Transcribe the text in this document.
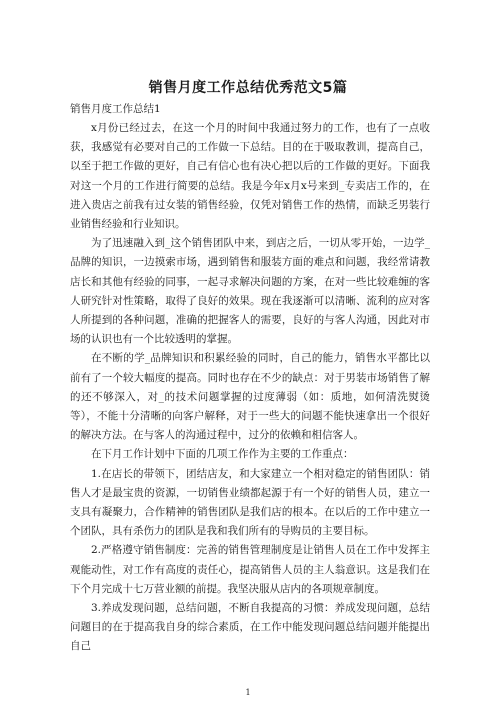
销售月度工作总结优秀范文5篇
销售月度工作总结1

x月份已经过去，在这一个月的时间中我通过努力的工作，也有了一点收获，我感觉有必要对自己的工作做一下总结。目的在于吸取教训，提高自己，以至于把工作做的更好，自己有信心也有决心把以后的工作做的更好。下面我对这一个月的工作进行简要的总结。我是今年x月x号来到_专卖店工作的，在进入贵店之前我有过女装的销售经验，仅凭对销售工作的热情，而缺乏男装行业销售经验和行业知识。

为了迅速融入到_这个销售团队中来，到店之后，一切从零开始，一边学_品牌的知识，一边摸索市场，遇到销售和服装方面的难点和问题，我经常请教店长和其他有经验的同事，一起寻求解决问题的方案，在对一些比较难缠的客人研究针对性策略，取得了良好的效果。现在我逐渐可以清晰、流利的应对客人所提到的各种问题，准确的把握客人的需要，良好的与客人沟通，因此对市场的认识也有一个比较透明的掌握。

在不断的学_品牌知识和积累经验的同时，自己的能力，销售水平都比以前有了一个较大幅度的提高。同时也存在不少的缺点：对于男装市场销售了解的还不够深入，对_的技术问题掌握的过度薄弱（如：质地，如何清洗熨烫等），不能十分清晰的向客户解释，对于一些大的问题不能快速拿出一个很好的解决方法。在与客人的沟通过程中，过分的依赖和相信客人。

在下月工作计划中下面的几项工作作为主要的工作重点：

1.在店长的带领下，团结店友，和大家建立一个相对稳定的销售团队：销售人才是最宝贵的资源，一切销售业绩都起源于有一个好的销售人员，建立一支具有凝聚力，合作精神的销售团队是我们店的根本。在以后的工作中建立一个团队，具有杀伤力的团队是我和我们所有的导购员的主要目标。

2.严格遵守销售制度：完善的销售管理制度是让销售人员在工作中发挥主观能动性，对工作有高度的责任心，提高销售人员的主人翁意识。这是我们在下个月完成十七万营业额的前提。我坚决服从店内的各项规章制度。

3.养成发现问题，总结问题，不断自我提高的习惯：养成发现问题，总结问题目的在于提高我自身的综合素质，在工作中能发现问题总结问题并能提出自己

1
